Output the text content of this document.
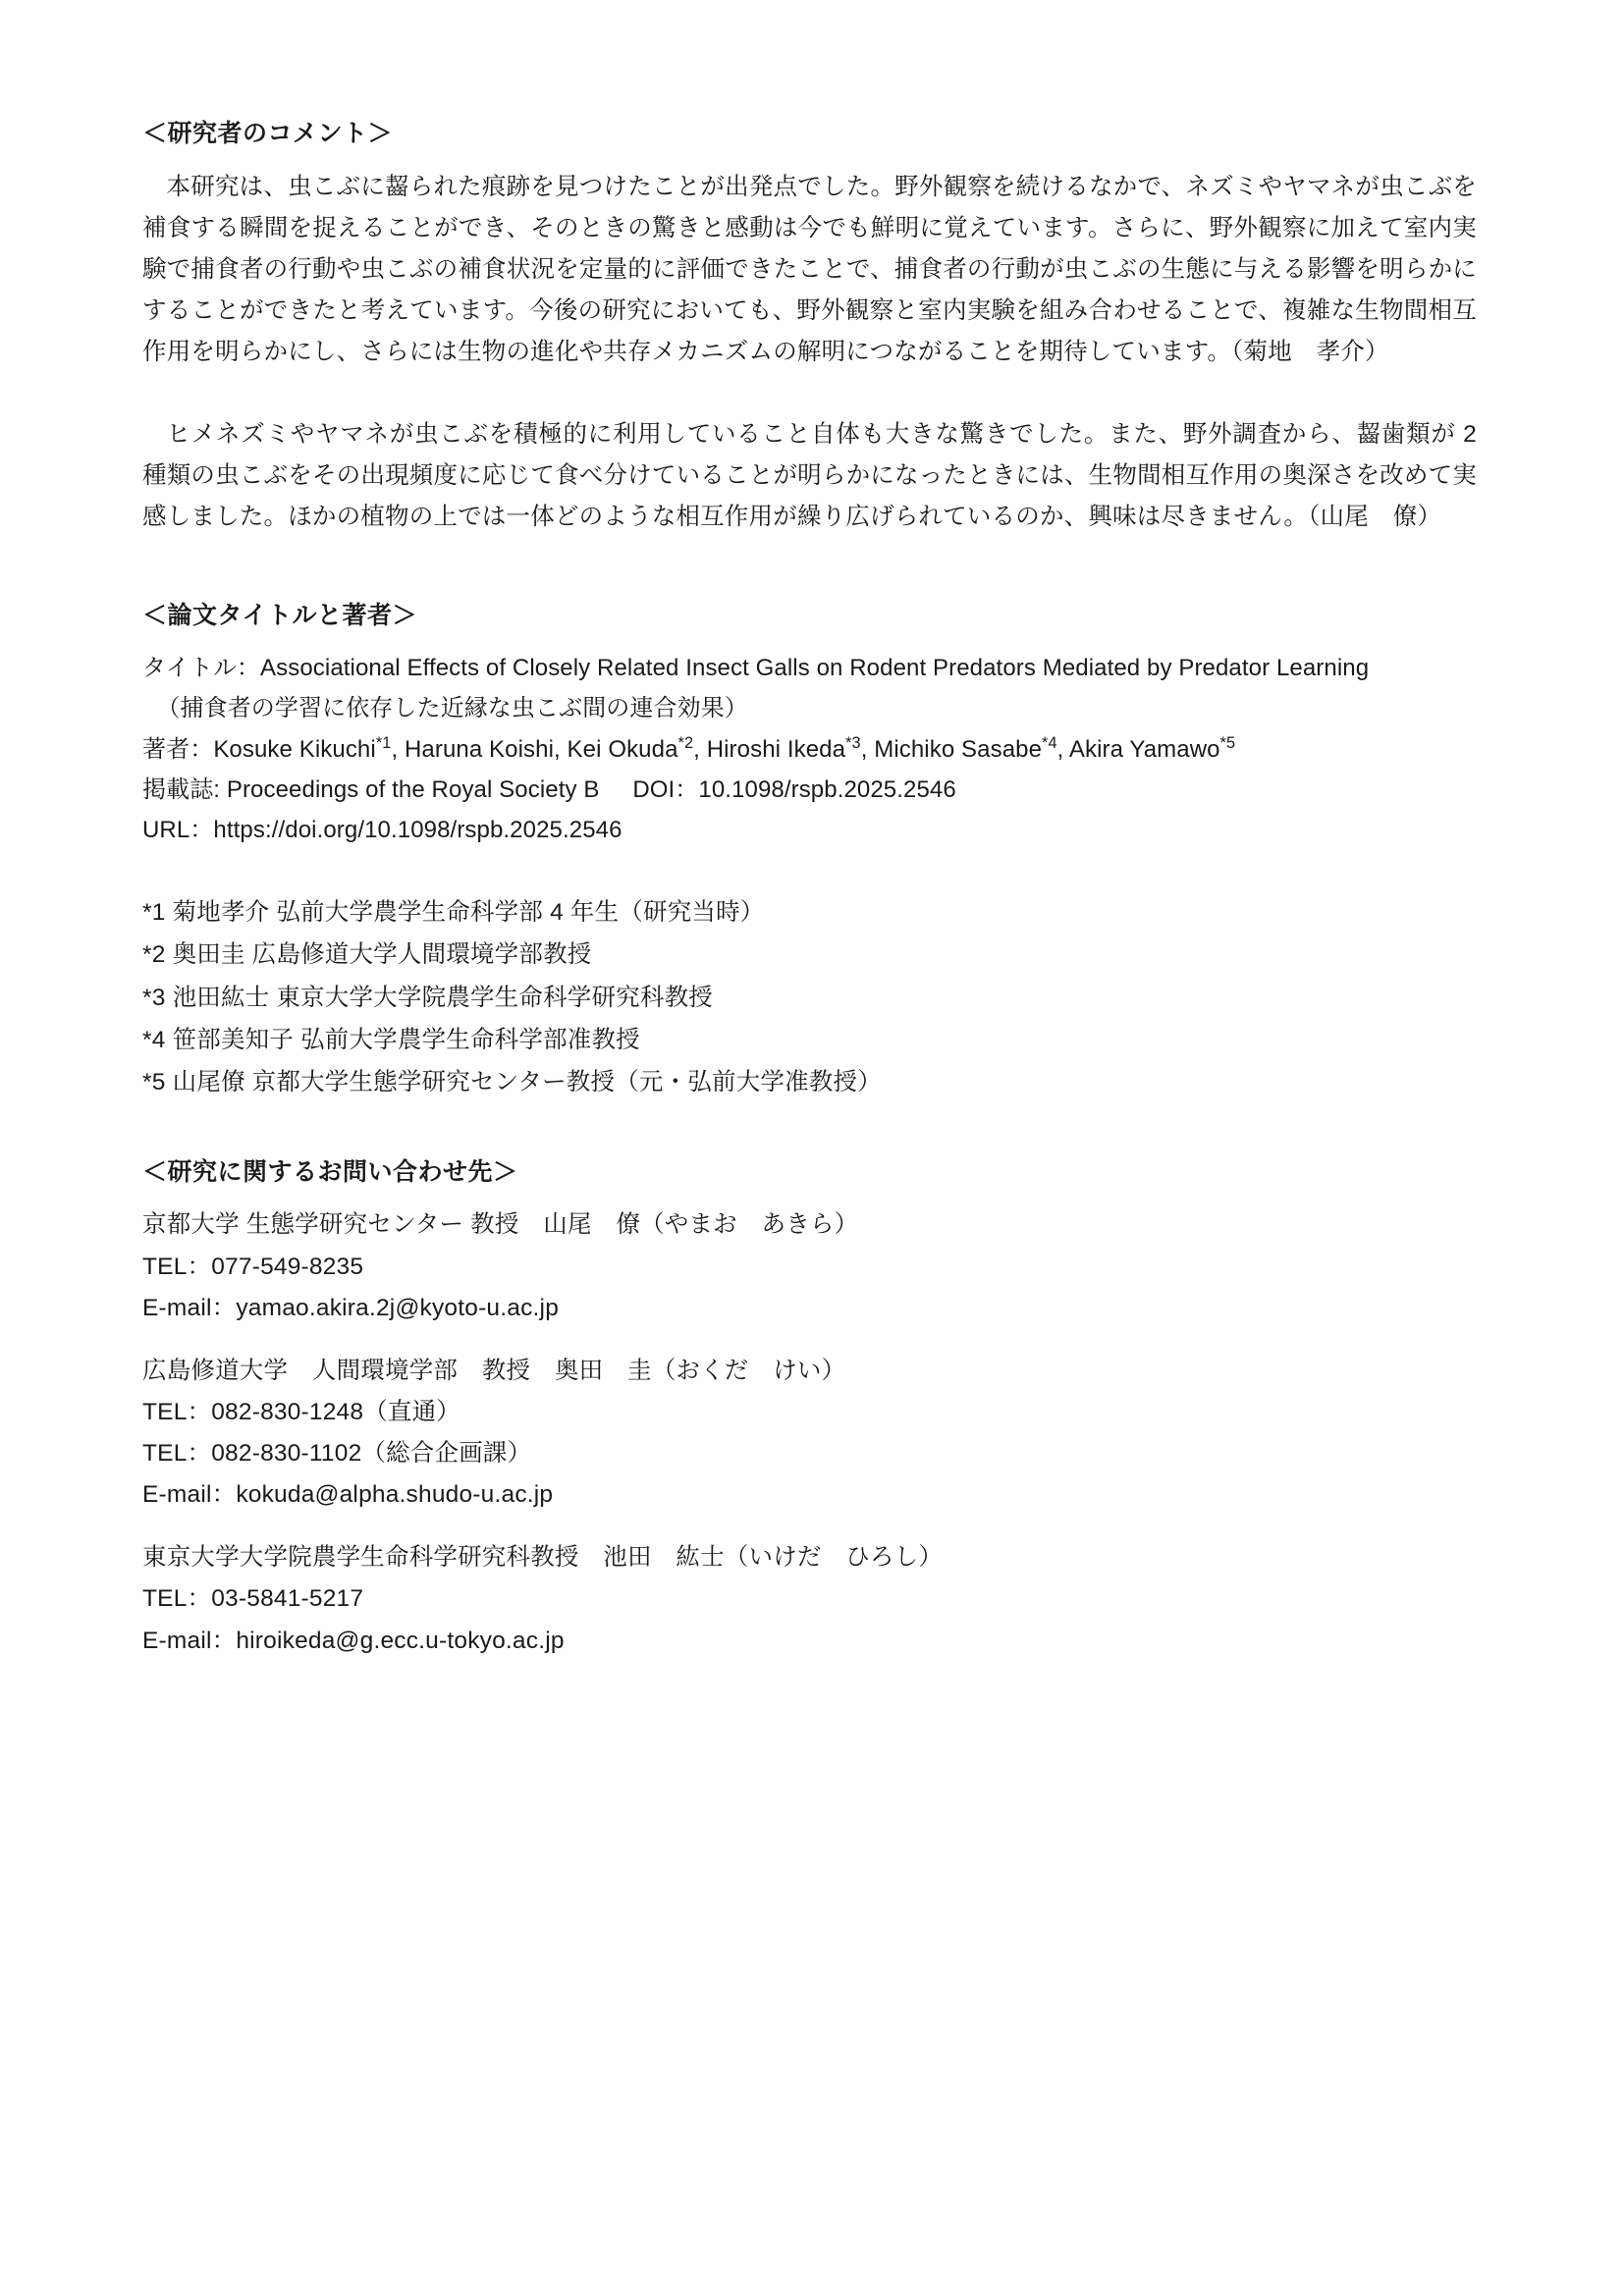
＜研究者のコメント＞

本研究は、虫こぶに齧られた痕跡を見つけたことが出発点でした。野外観察を続けるなかで、ネズミやヤマネが虫こぶを補食する瞬間を捉えることができ、そのときの驚きと感動は今でも鮮明に覚えています。さらに、野外観察に加えて室内実験で捕食者の行動や虫こぶの補食状況を定量的に評価できたことで、捕食者の行動が虫こぶの生態に与える影響を明らかにすることができたと考えています。今後の研究においても、野外観察と室内実験を組み合わせることで、複雑な生物間相互作用を明らかにし、さらには生物の進化や共存メカニズムの解明につながることを期待しています。（菊地　孝介）

ヒメネズミやヤマネが虫こぶを積極的に利用していること自体も大きな驚きでした。また、野外調査から、齧歯類が 2 種類の虫こぶをその出現頻度に応じて食べ分けていることが明らかになったときには、生物間相互作用の奥深さを改めて実感しました。ほかの植物の上では一体どのような相互作用が繰り広げられているのか、興味は尽きません。（山尾　僚）

＜論文タイトルと著者＞

タイトル：Associational Effects of Closely Related Insect Galls on Rodent Predators Mediated by Predator Learning

（捕食者の学習に依存した近縁な虫こぶ間の連合効果）

著者：Kosuke Kikuchi$^{*1}$, Haruna Koishi, Kei Okuda$^{*2}$, Hiroshi Ikeda$^{*3}$, Michiko Sasabe$^{*4}$, Akira Yamawo$^{*5}$

掲載誌: Proceedings of the Royal Society B DOI：10.1098/rspb.2025.2546

URL：https://doi.org/10.1098/rspb.2025.2546

*1 菊地孝介 弘前大学農学生命科学部 4 年生（研究当時）

*2 奥田圭 広島修道大学人間環境学部教授

*3 池田紘士 東京大学大学院農学生命科学研究科教授

*4 笹部美知子 弘前大学農学生命科学部准教授

*5 山尾僚 京都大学生態学研究センター教授（元・弘前大学准教授）

＜研究に関するお問い合わせ先＞

京都大学 生態学研究センター 教授　山尾　僚（やまお　あきら）

TEL：077-549-8235

E-mail：yamao.akira.2j@kyoto-u.ac.jp

広島修道大学　人間環境学部　教授　奥田　圭（おくだ　けい）

TEL：082-830-1248（直通）

TEL：082-830-1102（総合企画課）

E-mail：kokuda@alpha.shudo-u.ac.jp

東京大学大学院農学生命科学研究科教授　池田　紘士（いけだ　ひろし）

TEL：03-5841-5217

E-mail：hiroikeda@g.ecc.u-tokyo.ac.jp
